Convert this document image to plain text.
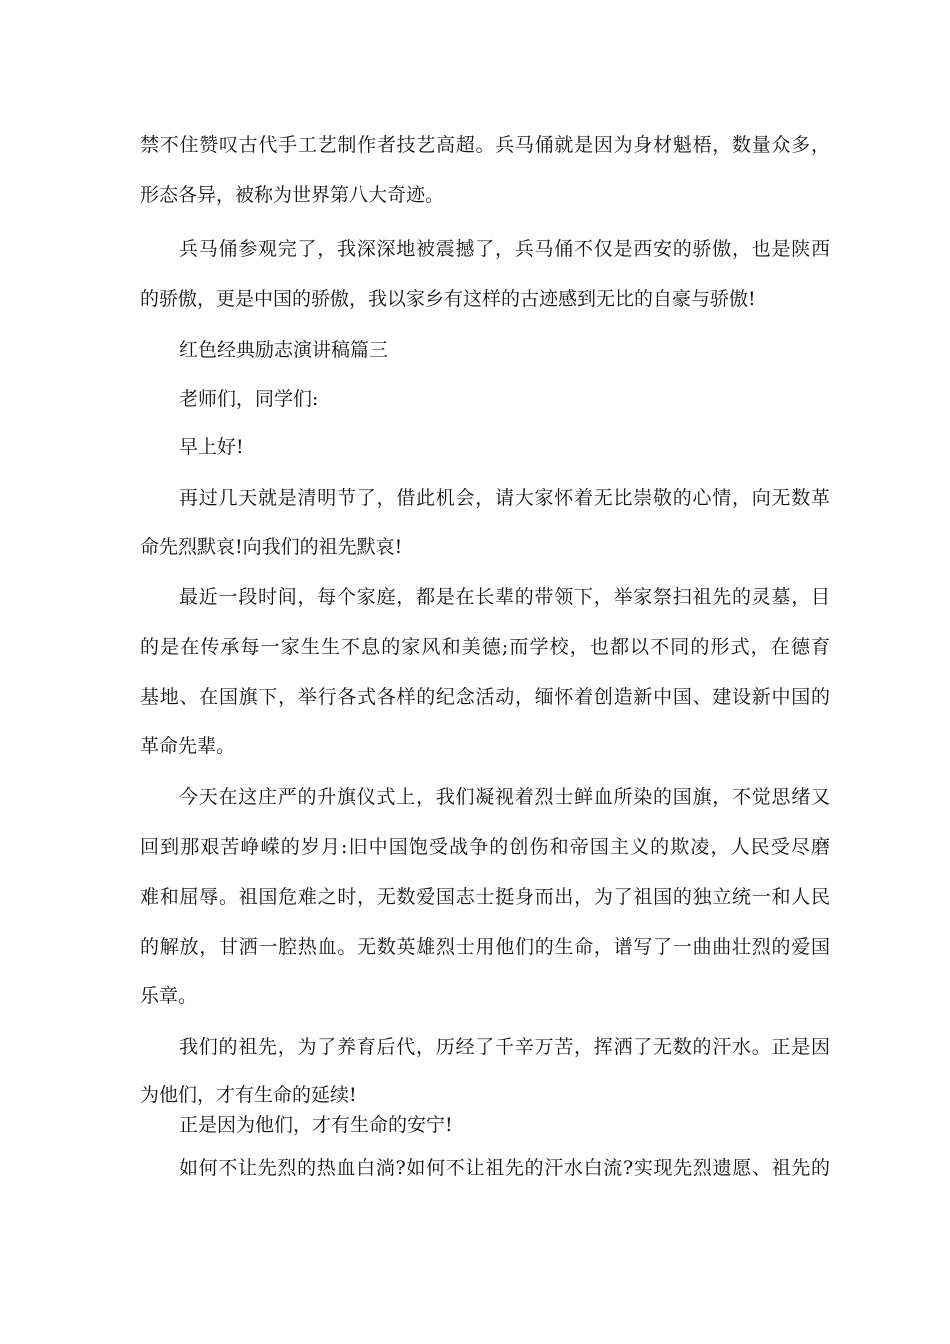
禁不住赞叹古代手工艺制作者技艺高超。兵马俑就是因为身材魁梧，数量众多，
形态各异，被称为世界第八大奇迹。
兵马俑参观完了，我深深地被震撼了，兵马俑不仅是西安的骄傲，也是陕西
的骄傲，更是中国的骄傲，我以家乡有这样的古迹感到无比的自豪与骄傲!
红色经典励志演讲稿篇三
老师们，同学们:
早上好!
再过几天就是清明节了，借此机会，请大家怀着无比崇敬的心情，向无数革
命先烈默哀!向我们的祖先默哀!
最近一段时间，每个家庭，都是在长辈的带领下，举家祭扫祖先的灵墓，目
的是在传承每一家生生不息的家风和美德;而学校，也都以不同的形式，在德育
基地、在国旗下，举行各式各样的纪念活动，缅怀着创造新中国、建设新中国的
革命先辈。
今天在这庄严的升旗仪式上，我们凝视着烈士鲜血所染的国旗，不觉思绪又
回到那艰苦峥嵘的岁月:旧中国饱受战争的创伤和帝国主义的欺凌，人民受尽磨
难和屈辱。祖国危难之时，无数爱国志士挺身而出，为了祖国的独立统一和人民
的解放，甘洒一腔热血。无数英雄烈士用他们的生命，谱写了一曲曲壮烈的爱国
乐章。
我们的祖先，为了养育后代，历经了千辛万苦，挥洒了无数的汗水。正是因
为他们，才有生命的延续!
正是因为他们，才有生命的安宁!
如何不让先烈的热血白淌?如何不让祖先的汗水白流?实现先烈遗愿、祖先的
